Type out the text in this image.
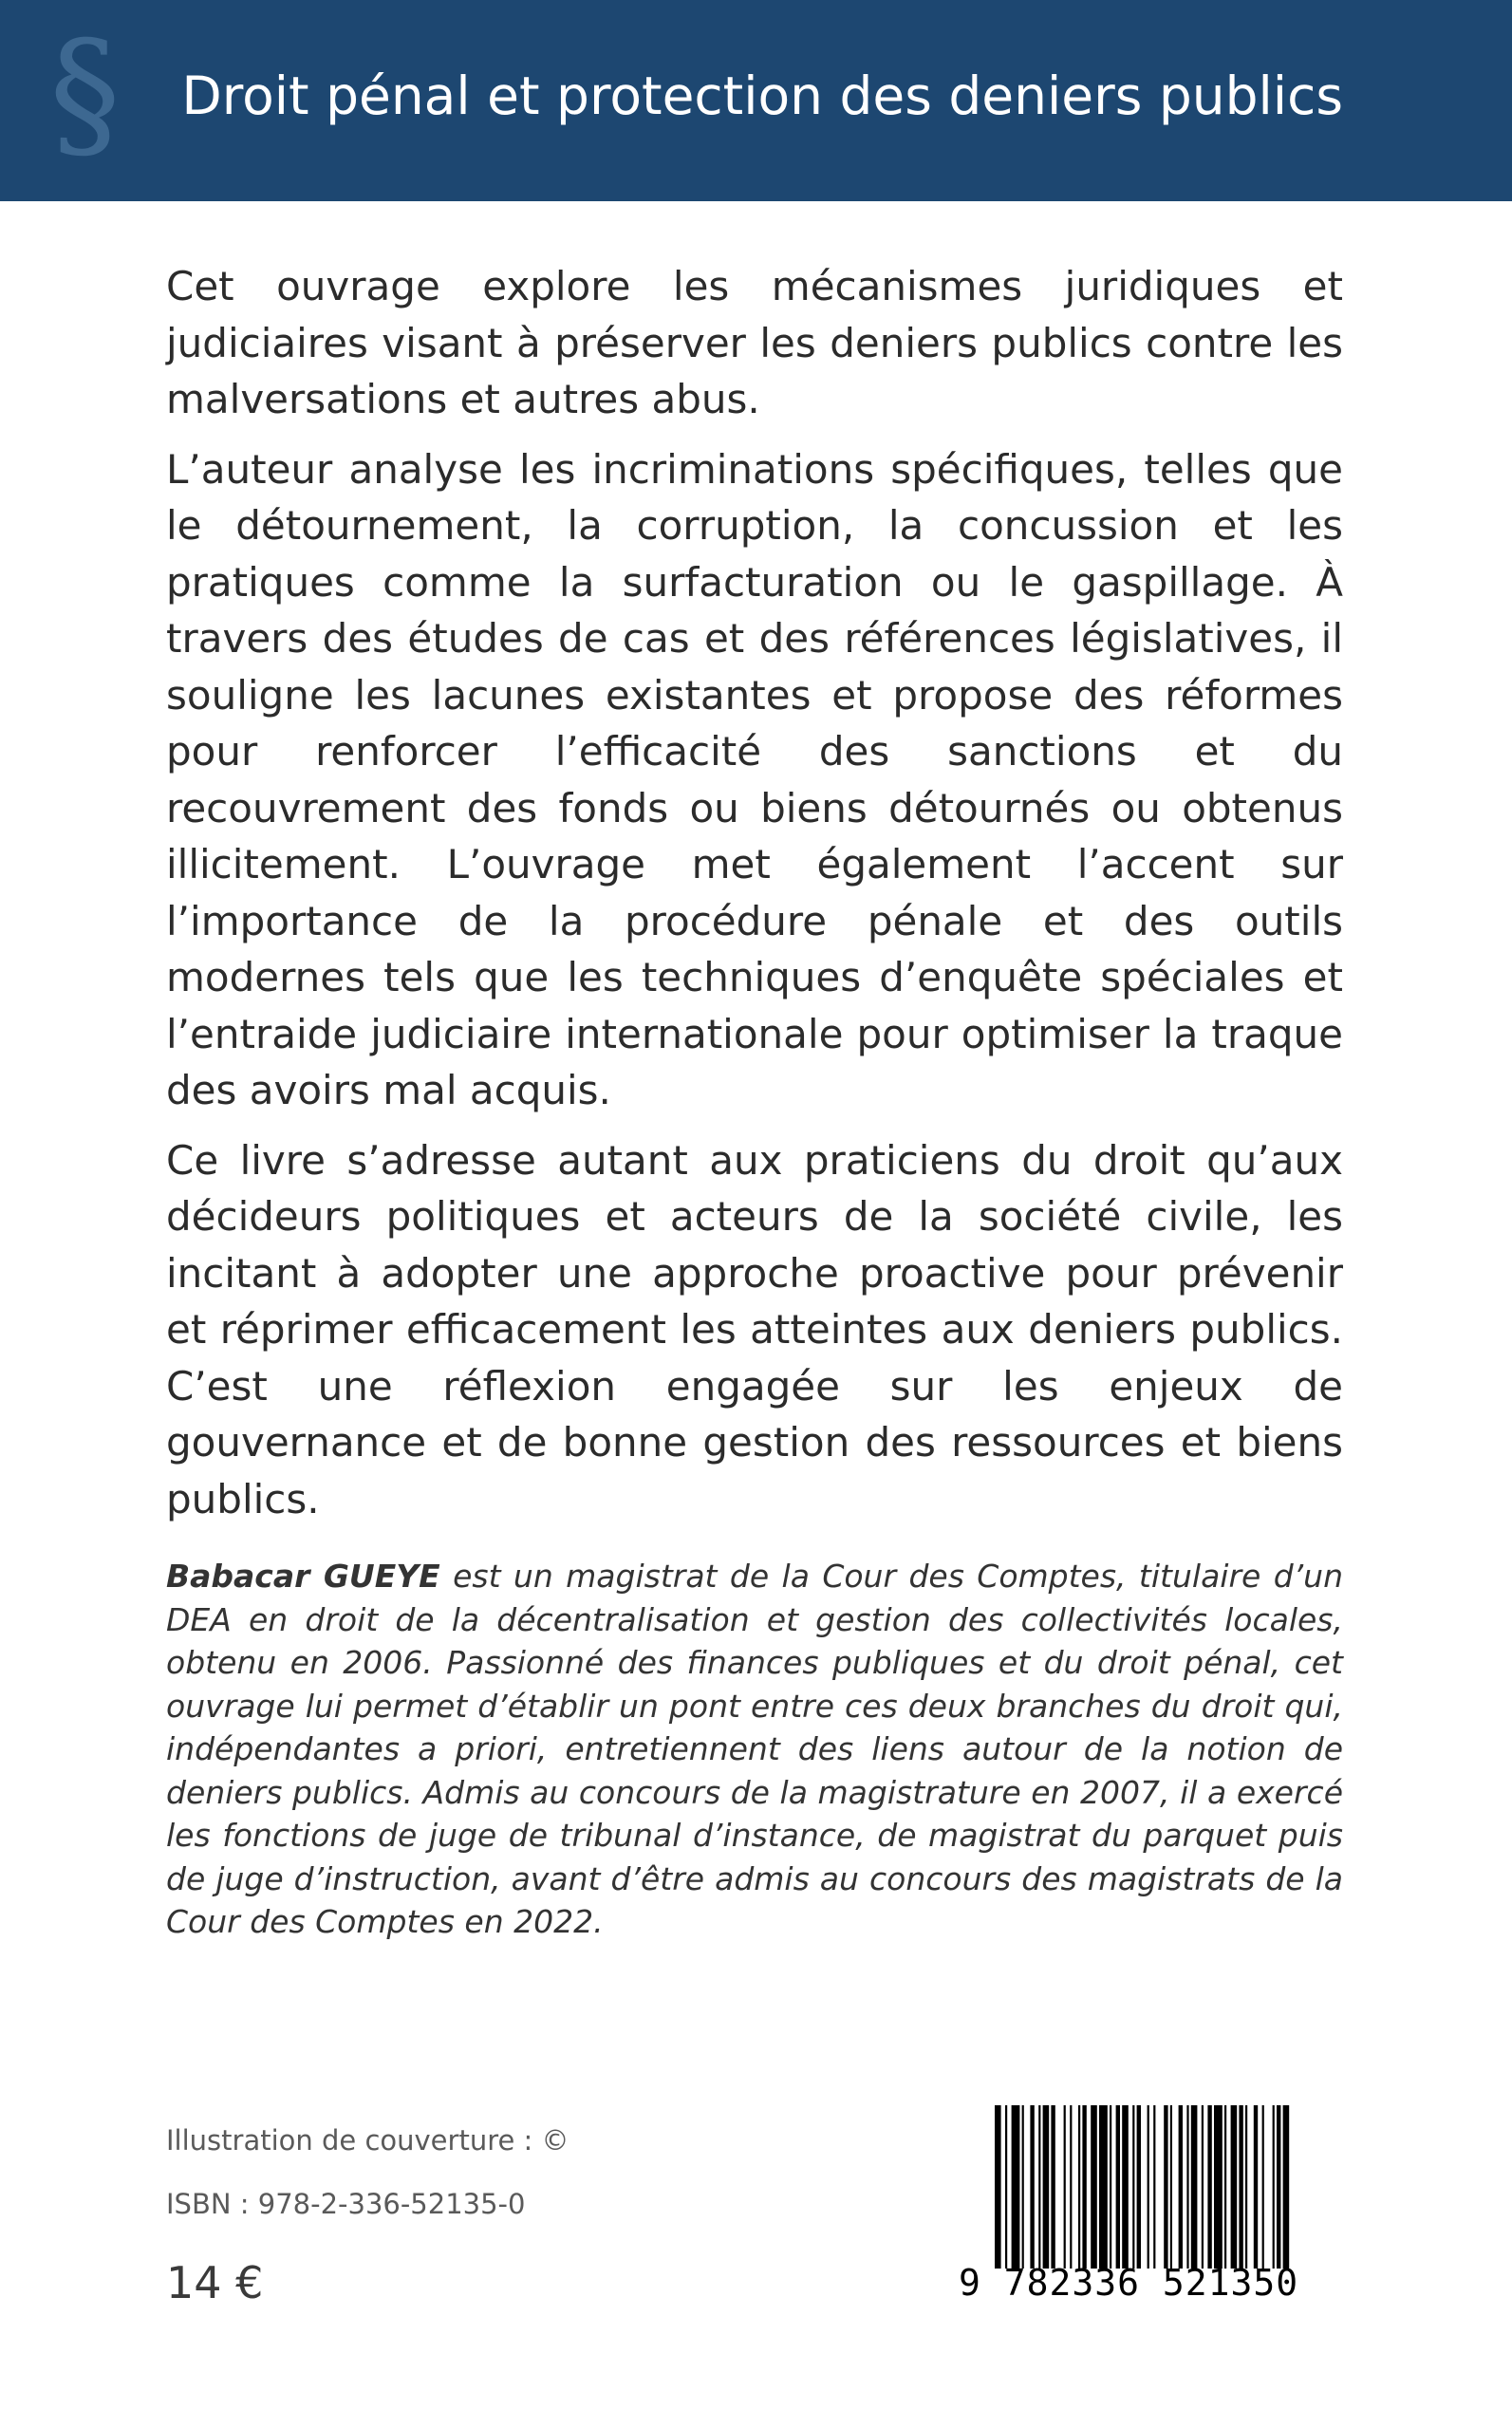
§ Droit pénal et protection des deniers publics

Cet ouvrage explore les mécanismes juridiques et judiciaires visant à préserver les deniers publics contre les malversations et autres abus.

L’auteur analyse les incriminations spécifiques, telles que le détournement, la corruption, la concussion et les pratiques comme la surfacturation ou le gaspillage. À travers des études de cas et des références législatives, il souligne les lacunes existantes et propose des réformes pour renforcer l’efficacité des sanctions et du recouvrement des fonds ou biens détournés ou obtenus illicitement. L’ouvrage met également l’accent sur l’importance de la procédure pénale et des outils modernes tels que les techniques d’enquête spéciales et l’entraide judiciaire internationale pour optimiser la traque des avoirs mal acquis.

Ce livre s’adresse autant aux praticiens du droit qu’aux décideurs politiques et acteurs de la société civile, les incitant à adopter une approche proactive pour prévenir et réprimer efficacement les atteintes aux deniers publics. C’est une réflexion engagée sur les enjeux de gouvernance et de bonne gestion des ressources et biens publics.

Babacar GUEYE est un magistrat de la Cour des Comptes, titulaire d’un DEA en droit de la décentralisation et gestion des collectivités locales, obtenu en 2006. Passionné des finances publiques et du droit pénal, cet ouvrage lui permet d’établir un pont entre ces deux branches du droit qui, indépendantes a priori, entretiennent des liens autour de la notion de deniers publics. Admis au concours de la magistrature en 2007, il a exercé les fonctions de juge de tribunal d’instance, de magistrat du parquet puis de juge d’instruction, avant d’être admis au concours des magistrats de la Cour des Comptes en 2022.

Illustration de couverture : ©
ISBN : 978-2-336-52135-0
14 €	9 782336 521350
